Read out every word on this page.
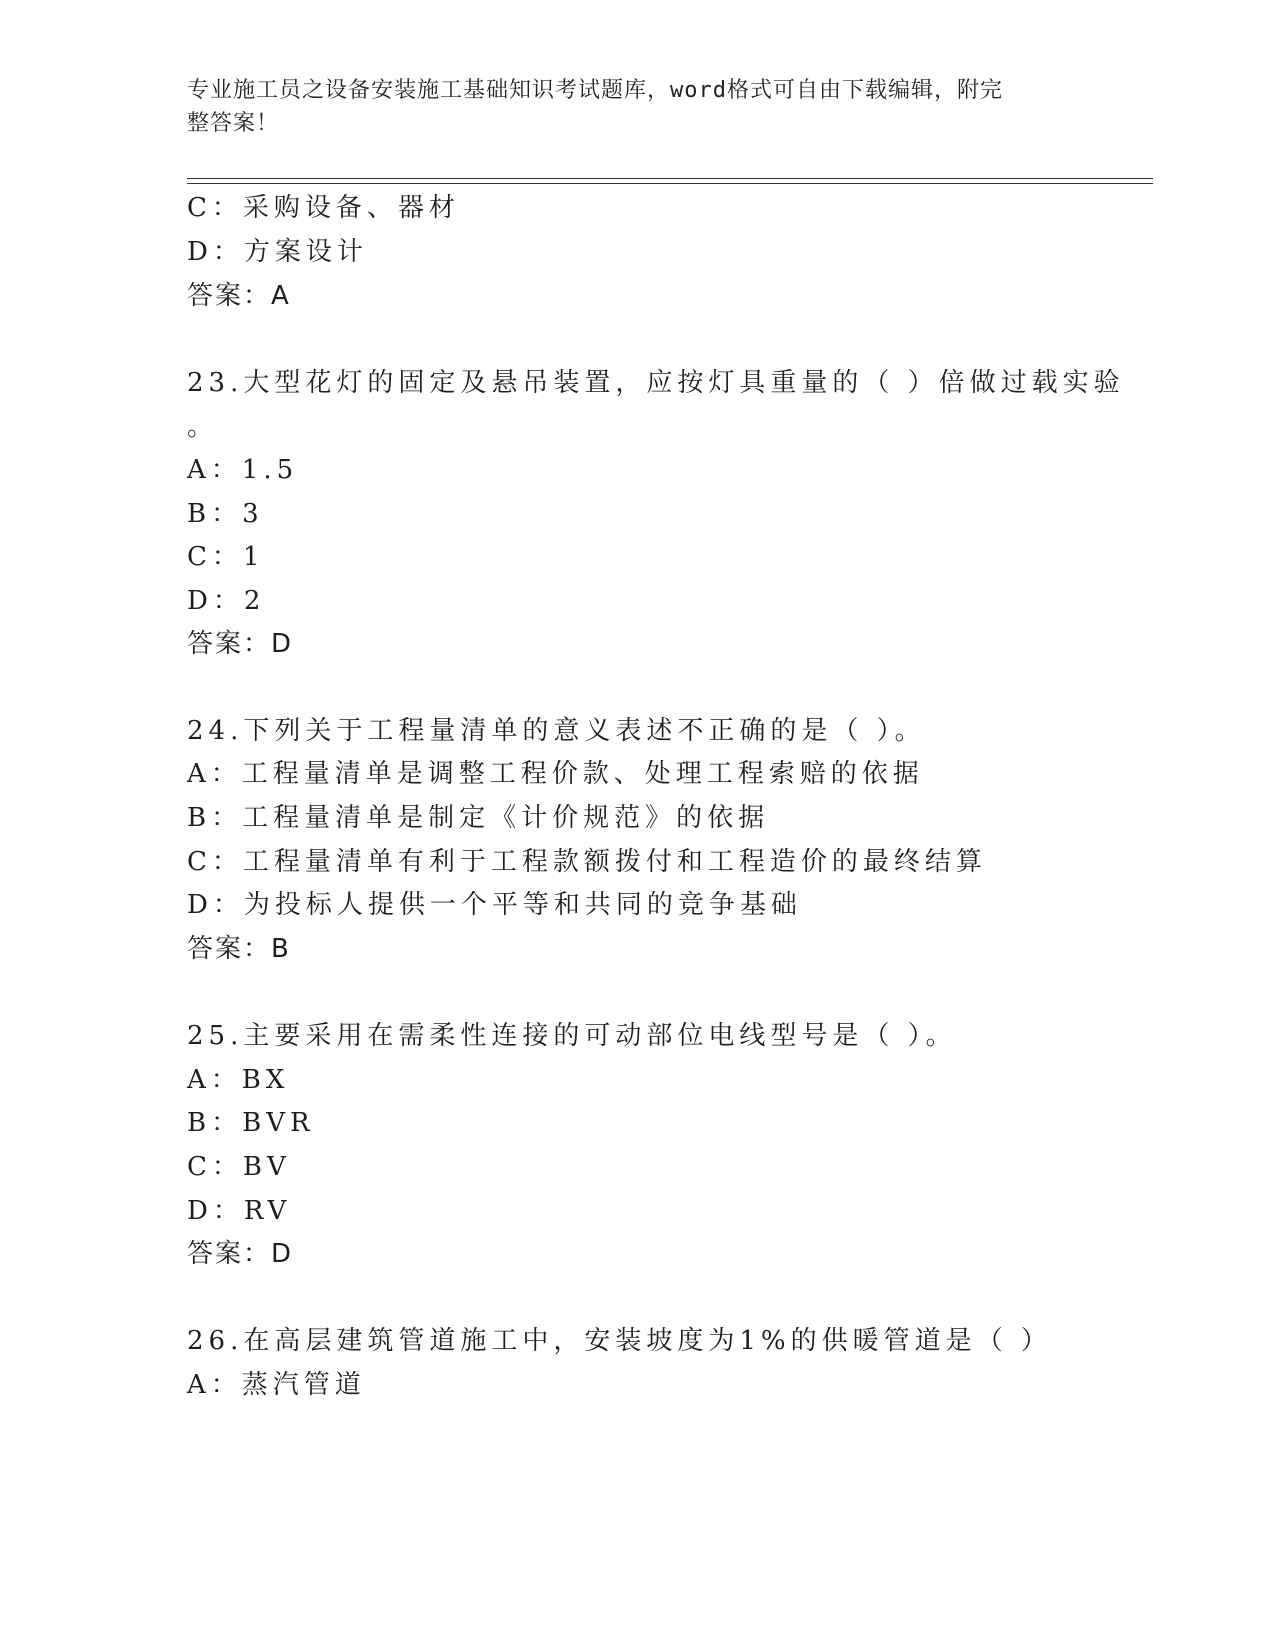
专业施工员之设备安装施工基础知识考试题库，word格式可自由下载编辑，附完
整答案！
C：采购设备、器材
D：方案设计
答案：A
23.大型花灯的固定及悬吊装置，应按灯具重量的（ ）倍做过载实验
。
A：1.5
B：3
C：1
D：2
答案：D
24.下列关于工程量清单的意义表述不正确的是（ ）。
A：工程量清单是调整工程价款、处理工程索赔的依据
B：工程量清单是制定《计价规范》的依据
C：工程量清单有利于工程款额拨付和工程造价的最终结算
D：为投标人提供一个平等和共同的竞争基础
答案：B
25.主要采用在需柔性连接的可动部位电线型号是（ ）。
A：BX
B：BVR
C：BV
D：RV
答案：D
26.在高层建筑管道施工中，安装坡度为1%的供暖管道是（ ）
A：蒸汽管道
